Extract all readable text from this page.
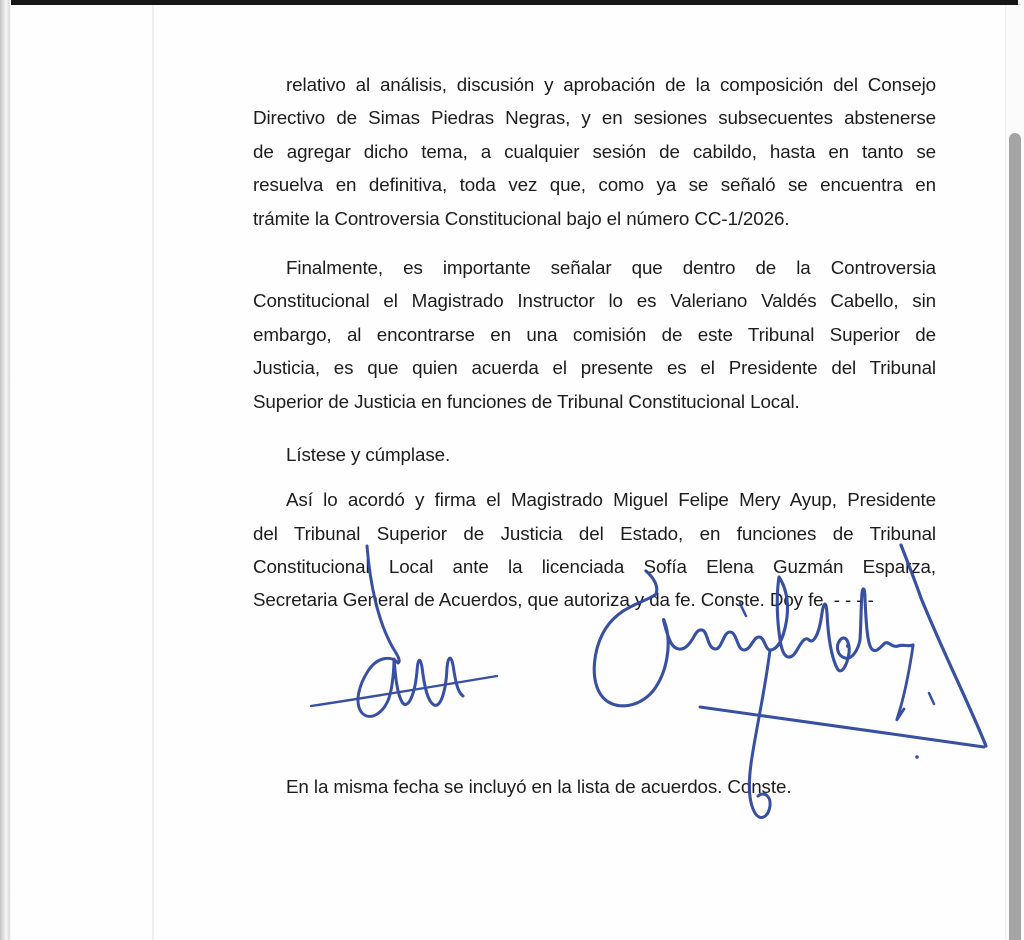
relativo al análisis, discusión y aprobación de la composición del Consejo
Directivo de Simas Piedras Negras, y en sesiones subsecuentes abstenerse
de agregar dicho tema, a cualquier sesión de cabildo, hasta en tanto se
resuelva en definitiva, toda vez que, como ya se señaló se encuentra en
trámite la Controversia Constitucional bajo el número CC-1/2026.
Finalmente, es importante señalar que dentro de la Controversia
Constitucional el Magistrado Instructor lo es Valeriano Valdés Cabello, sin
embargo, al encontrarse en una comisión de este Tribunal Superior de
Justicia, es que quien acuerda el presente es el Presidente del Tribunal
Superior de Justicia en funciones de Tribunal Constitucional Local.
Lístese y cúmplase.
Así lo acordó y firma el Magistrado Miguel Felipe Mery Ayup, Presidente
del Tribunal Superior de Justicia del Estado, en funciones de Tribunal
Constitucional Local ante la licenciada Sofía Elena Guzmán Esparza,
Secretaria General de Acuerdos, que autoriza y da fe. Conste. Doy fe. - - - -
En la misma fecha se incluyó en la lista de acuerdos. Conste.
